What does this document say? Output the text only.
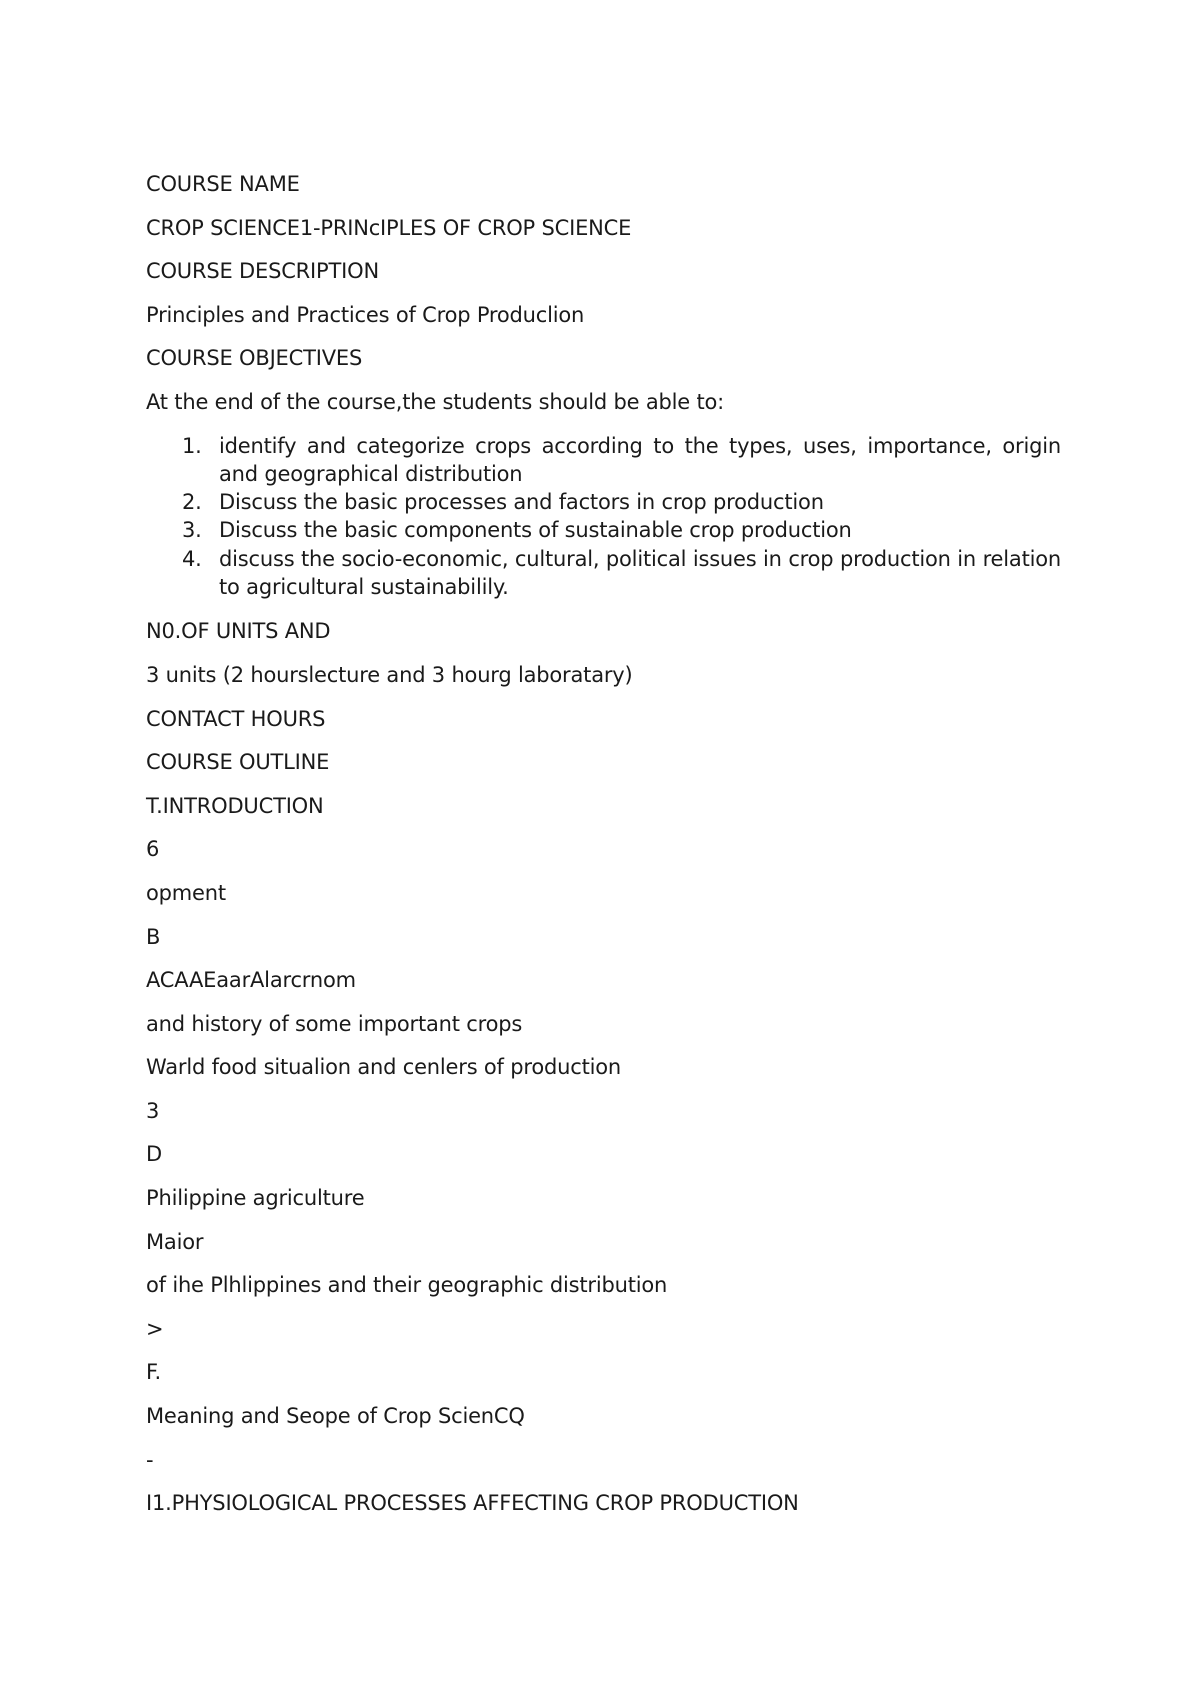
COURSE NAME

CROP SCIENCE1-PRINcIPLES OF CROP SCIENCE

COURSE DESCRIPTION

Principles and Practices of Crop Produclion

COURSE OBJECTIVES

At the end of the course,the students should be able to:

1. identify and categorize crops according to the types, uses, importance, origin and geographical distribution
2. Discuss the basic processes and factors in crop production
3. Discuss the basic components of sustainable crop production
4. discuss the socio-economic, cultural, political issues in crop production in relation to agricultural sustainabilily.

N0.OF UNITS AND

3 units (2 hourslecture and 3 hourg laboratary)

CONTACT HOURS

COURSE OUTLINE

T.INTRODUCTION

6

opment

B

ACAAEaarAlarcrnom

and history of some important crops

Warld food situalion and cenlers of production

3

D

Philippine agriculture

Maior

of ihe Plhlippines and their geographic distribution

>

F.

Meaning and Seope of Crop ScienCQ

-

I1.PHYSIOLOGICAL PROCESSES AFFECTING CROP PRODUCTION
